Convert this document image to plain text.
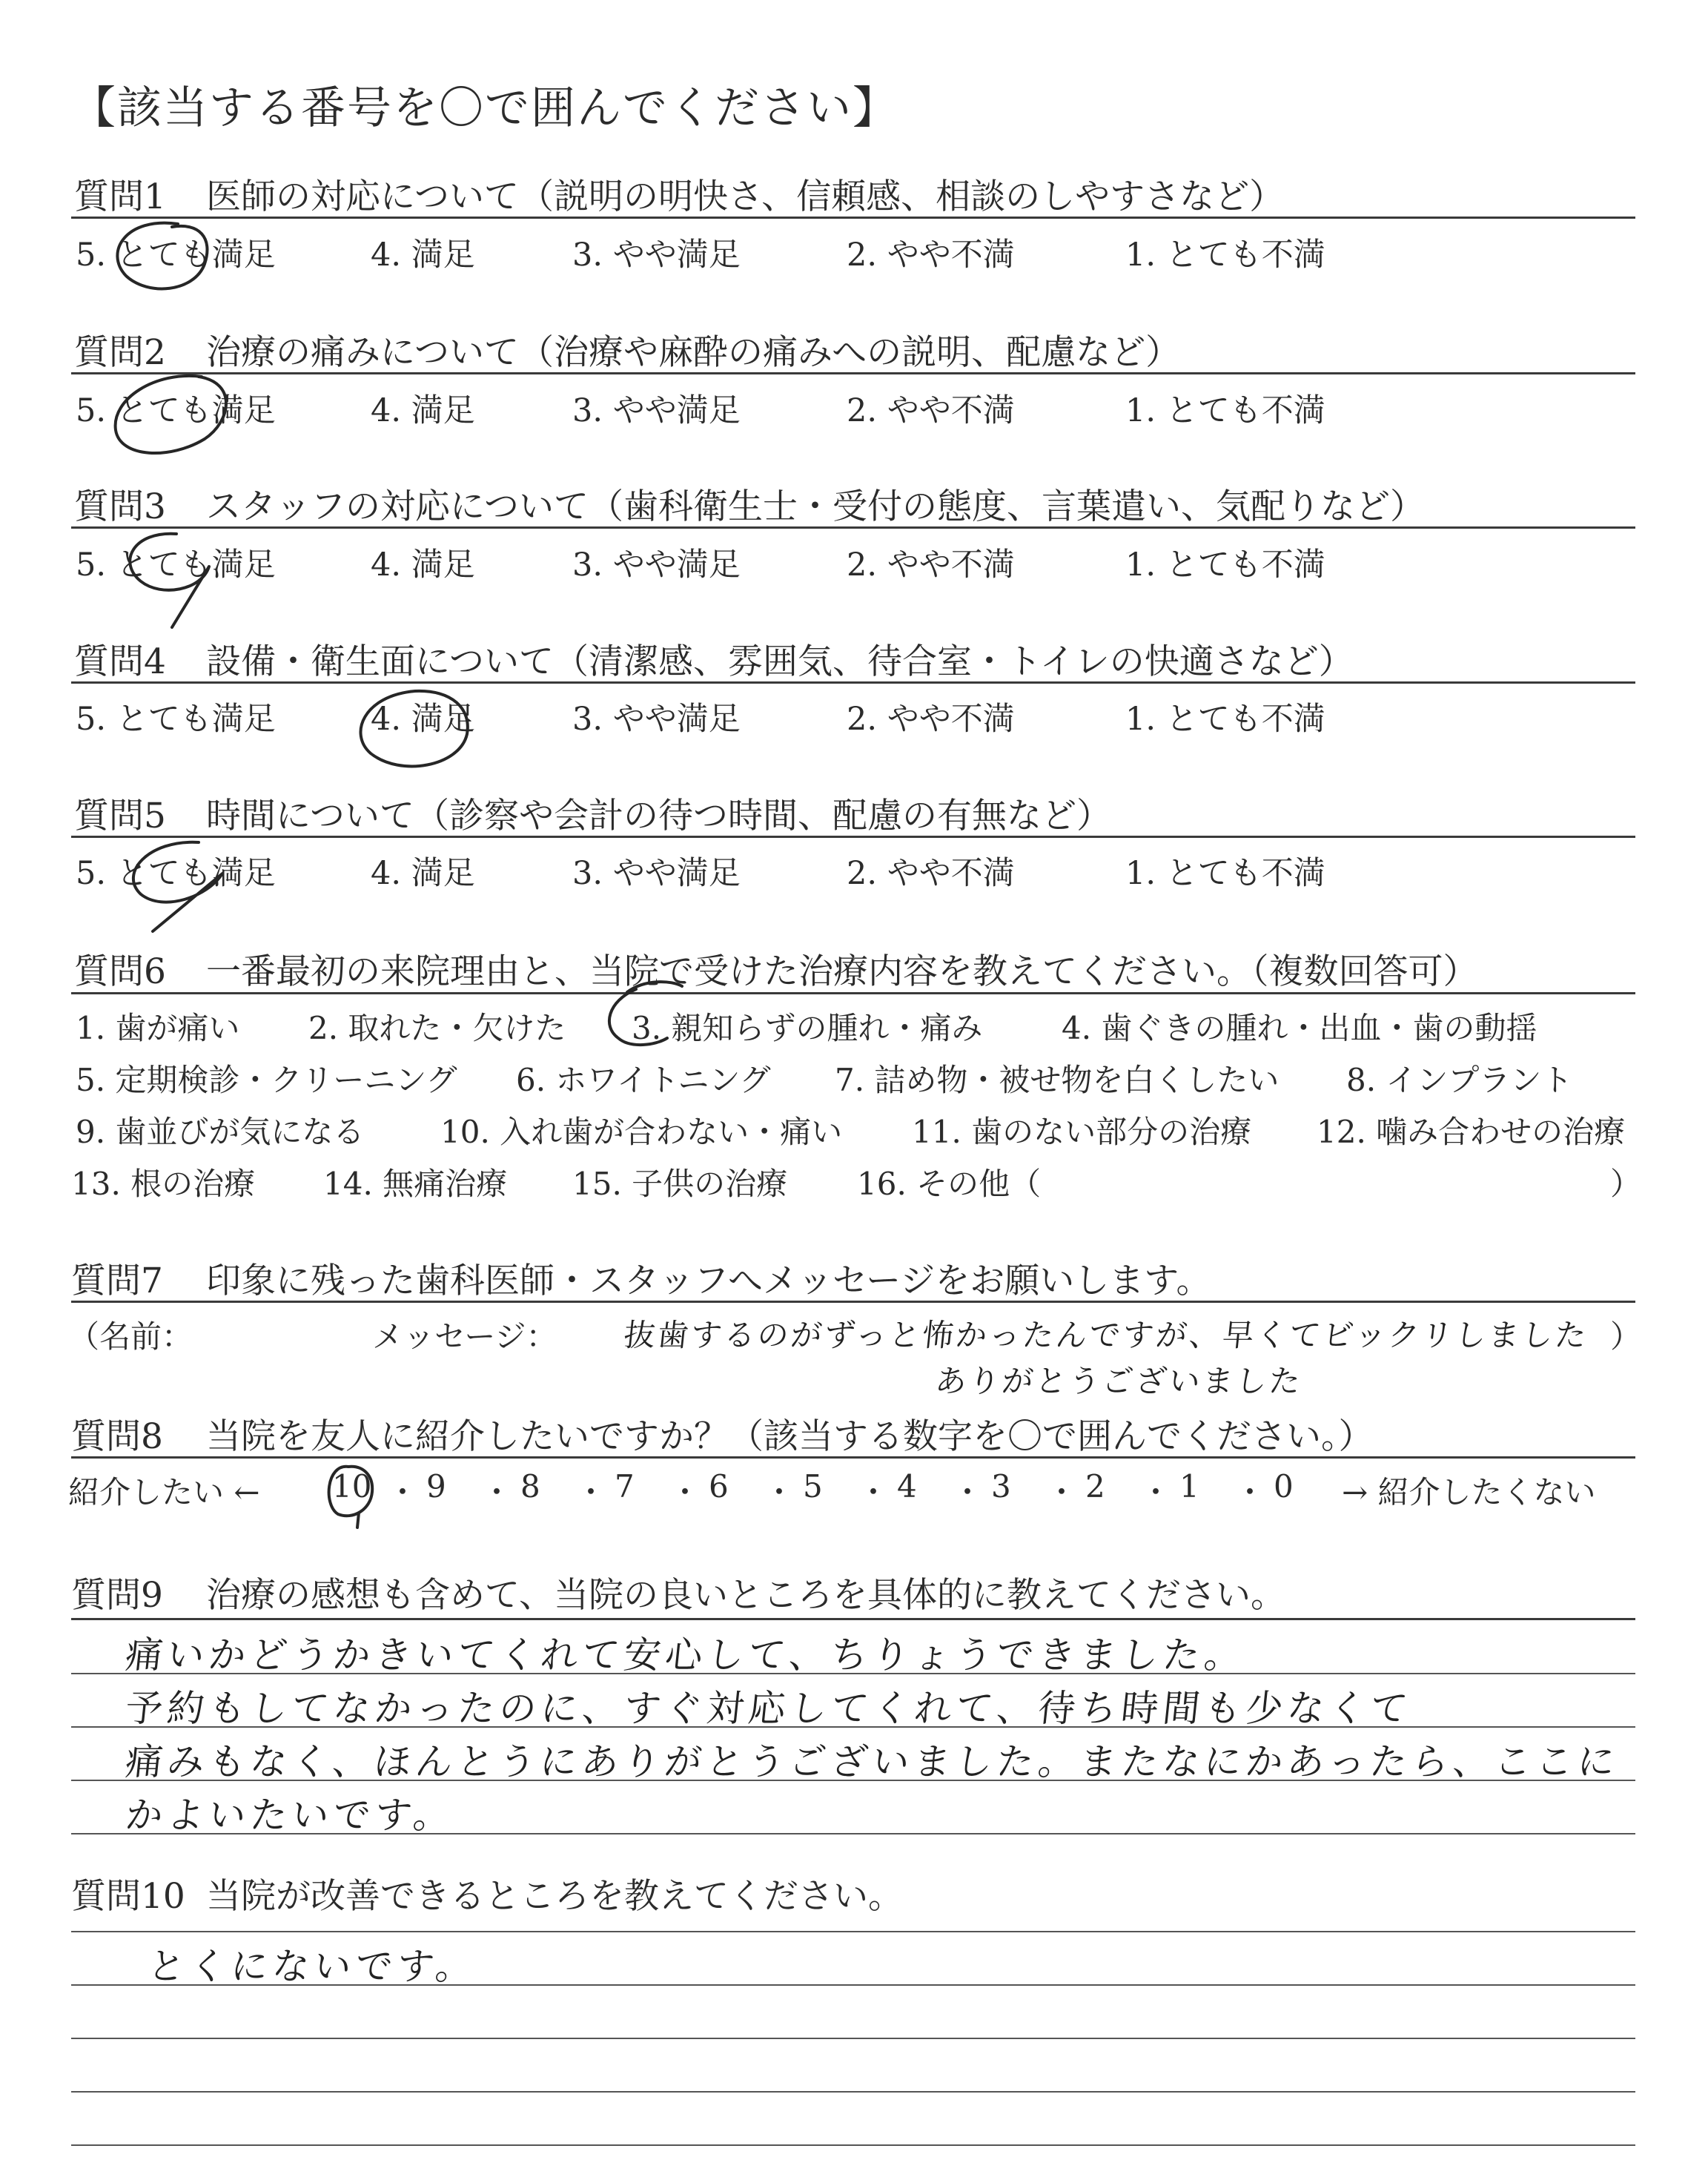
【該当する番号を〇で囲んでください】
質問1 医師の対応について（説明の明快さ、信頼感、相談のしやすさなど）
5. とても満足	4. 満足	3. やや満足	2. やや不満	1. とても不満
質問2 治療の痛みについて（治療や麻酔の痛みへの説明、配慮など）
5. とても満足	4. 満足	3. やや満足	2. やや不満	1. とても不満
質問3 スタッフの対応について（歯科衛生士・受付の態度、言葉遣い、気配りなど）
5. とても満足	4. 満足	3. やや満足	2. やや不満	1. とても不満
質問4 設備・衛生面について（清潔感、雰囲気、待合室・トイレの快適さなど）
5. とても満足	4. 満足	3. やや満足	2. やや不満	1. とても不満
質問5 時間について（診察や会計の待つ時間、配慮の有無など）
5. とても満足	4. 満足	3. やや満足	2. やや不満	1. とても不満
質問6 一番最初の来院理由と、当院で受けた治療内容を教えてください。（複数回答可）
1. 歯が痛い 2. 取れた・欠けた 3. 親知らずの腫れ・痛み	4. 歯ぐきの腫れ・出血・歯の動揺
5. 定期検診・クリーニング 6. ホワイトニング 7. 詰め物・被せ物を白くしたい 8. インプラント
9. 歯並びが気になる 10. 入れ歯が合わない・痛い 11. 歯のない部分の治療 12. 噛み合わせの治療
13. 根の治療 14. 無痛治療 15. 子供の治療 16. その他（	）
質問7 印象に残った歯科医師・スタッフへメッセージをお願いします。
（名前：	メッセージ：	）
抜歯するのがずっと怖かったんですが、早くてビックリしました
ありがとうございました
質問8 当院を友人に紹介したいですか？（該当する数字を〇で囲んでください。）
紹介したい ← 10 ・ 9 ・ 8 ・ 7 ・ 6 ・ 5 ・ 4 ・ 3 ・ 2 ・ 1 ・ 0 → 紹介したくない
質問9 治療の感想も含めて、当院の良いところを具体的に教えてください。
痛いかどうかきいてくれて安心して、ちりょうできました。
予約もしてなかったのに、すぐ対応してくれて、待ち時間も少なくて
痛みもなく、ほんとうにありがとうございました。またなにかあったら、ここに
かよいたいです。
質問10 当院が改善できるところを教えてください。
とくにないです。
